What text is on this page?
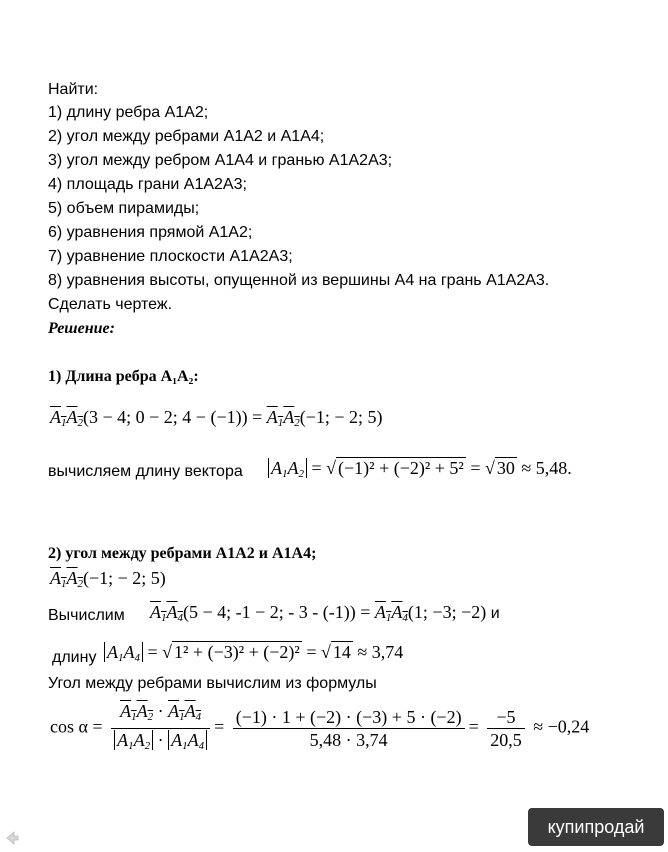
Найти:
1) длину ребра A1A2;
2) угол между ребрами A1A2 и A1A4;
3) угол между ребром A1A4 и гранью A1A2A3;
4) площадь грани A1A2A3;
5) объем пирамиды;
6) уравнения прямой A1A2;
7) уравнение плоскости A1A2A3;
8) уравнения высоты, опущенной из вершины A4 на грань A1A2A3.
Сделать чертеж.
Решение:
1) Длина ребра A₁A₂:
$A_1A_2(3 - 4$; 0 − 2; $4 - (-1)) = A_1A_2(-1$; − 2; 5)
вычисляем длину вектора $A_1A_2$ = √ (−1)² + (−2)² + 5² = √ 30 ≈ 5,48.
2) угол между ребрами A1A2 и A1A4;
$A_1A_2(-1$; − 2; 5)
Вычислим $A_1A_4(5 - 4$; -1 − 2; - $3 - (-1)) = A_1A_4(1$; −3; −2) и
длину $A_1A_4$ = √ 1² + (−3)² + (−2)² = √ 14 ≈ 3,74
Угол между ребрами вычислим из формулы
$\cos \alpha = \frac{A_1A_2 \cdot A_1A_4}{A_1A_2 \cdot A_1A_4} = \frac{(-1) \cdot 1 + (-2) \cdot (-3) + 5 \cdot (-2)}{5,48 \cdot 3,74} = \frac{-5}{20,5} \approx -0,24$
купипродай
